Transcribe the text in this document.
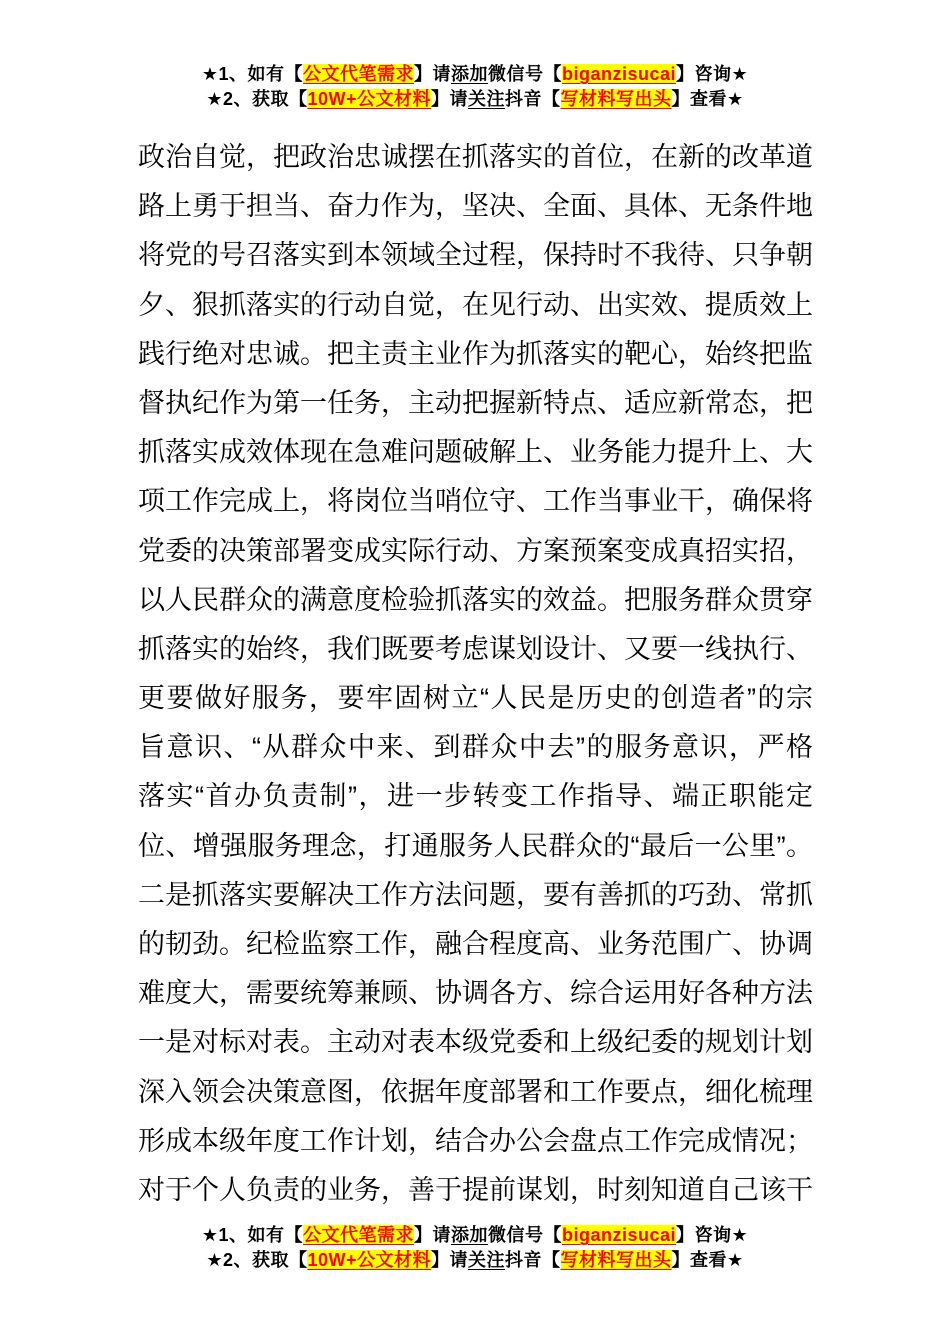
★1、如有【公文代笔需求】请添加微信号【biganzisucai】咨询★
★2、获取【10W+公文材料】请关注抖音【写材料写出头】查看★
政治自觉，把政治忠诚摆在抓落实的首位，在新的改革道
路上勇于担当、奋力作为，坚决、全面、具体、无条件地
将党的号召落实到本领域全过程，保持时不我待、只争朝
夕、狠抓落实的行动自觉，在见行动、出实效、提质效上
践行绝对忠诚。把主责主业作为抓落实的靶心，始终把监
督执纪作为第一任务，主动把握新特点、适应新常态，把
抓落实成效体现在急难问题破解上、业务能力提升上、大
项工作完成上，将岗位当哨位守、工作当事业干，确保将
党委的决策部署变成实际行动、方案预案变成真招实招，
以人民群众的满意度检验抓落实的效益。把服务群众贯穿
抓落实的始终，我们既要考虑谋划设计、又要一线执行、
更要做好服务，要牢固树立“人民是历史的创造者”的宗
旨意识、“从群众中来、到群众中去”的服务意识，严格
落实“首办负责制”，进一步转变工作指导、端正职能定
位、增强服务理念，打通服务人民群众的“最后一公里”。
二是抓落实要解决工作方法问题，要有善抓的巧劲、常抓
的韧劲。纪检监察工作，融合程度高、业务范围广、协调
难度大，需要统筹兼顾、协调各方、综合运用好各种方法
一是对标对表。主动对表本级党委和上级纪委的规划计划
深入领会决策意图，依据年度部署和工作要点，细化梳理
形成本级年度工作计划，结合办公会盘点工作完成情况；
对于个人负责的业务，善于提前谋划，时刻知道自己该干
★1、如有【公文代笔需求】请添加微信号【biganzisucai】咨询★
★2、获取【10W+公文材料】请关注抖音【写材料写出头】查看★
